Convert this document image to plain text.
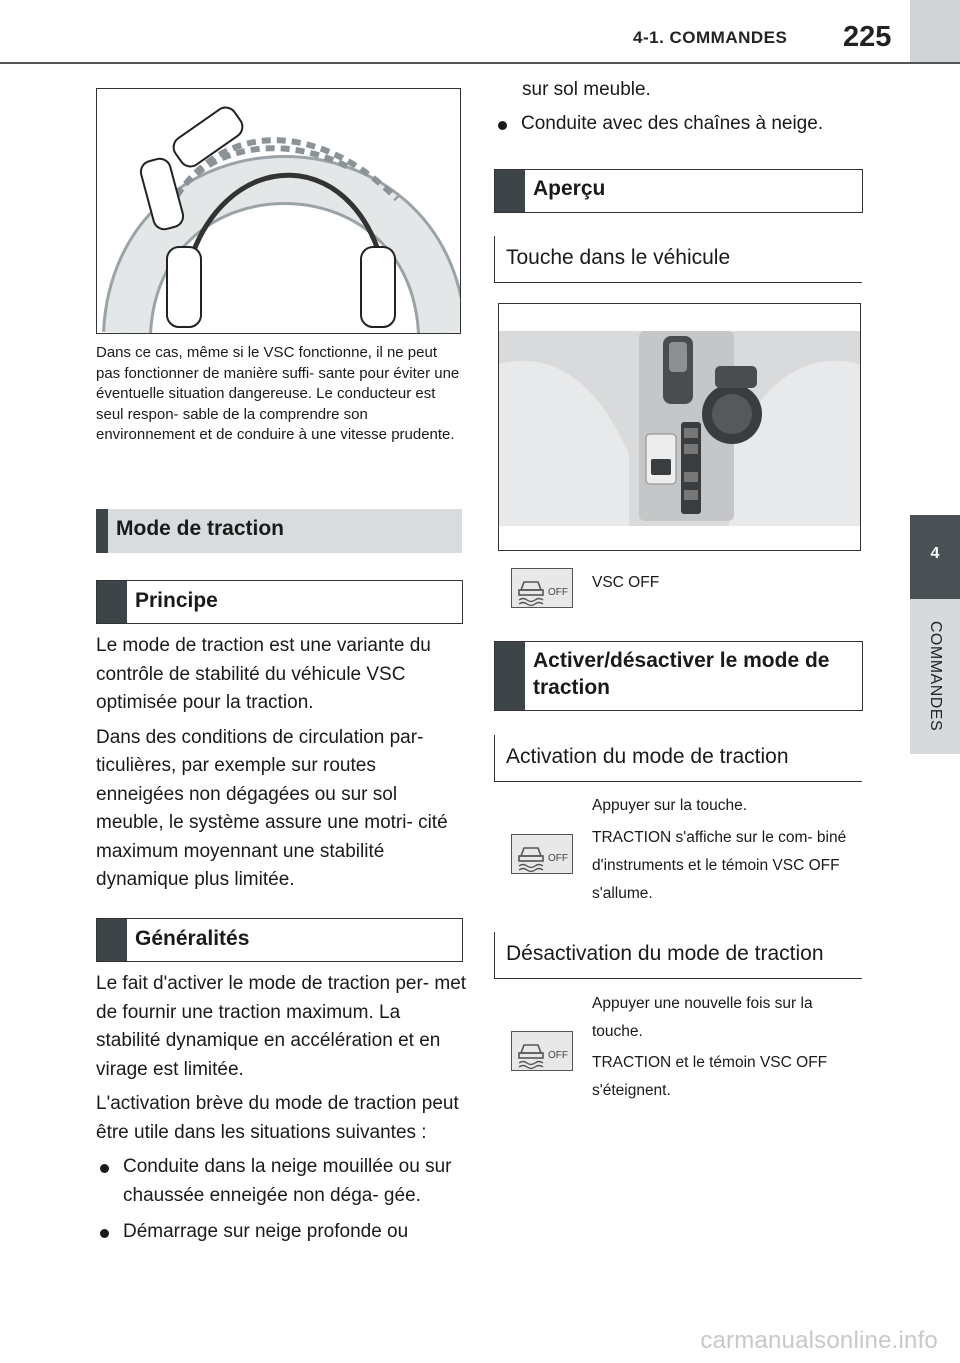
4-1. COMMANDES 225
4
COMMANDES
Dans ce cas, même si le VSC fonctionne, il ne peut pas fonctionner de manière suffi- sante pour éviter une éventuelle situation dangereuse. Le conducteur est seul respon- sable de la comprendre son environnement et de conduire à une vitesse prudente.
Mode de traction
Principe

Le mode de traction est une variante du contrôle de stabilité du véhicule VSC optimisée pour la traction.

Dans des conditions de circulation par- ticulières, par exemple sur routes enneigées non dégagées ou sur sol meuble, le système assure une motri- cité maximum moyennant une stabilité dynamique plus limitée.

Généralités

Le fait d'activer le mode de traction per- met de fournir une traction maximum. La stabilité dynamique en accélération et en virage est limitée.

L'activation brève du mode de traction peut être utile dans les situations suivantes :

Conduite dans la neige mouillée ou sur chaussée enneigée non déga- gée.
Démarrage sur neige profonde ou
sur sol meuble.
Conduite avec des chaînes à neige.
Aperçu
Touche dans le véhicule
OFF
VSC OFF
Activer/désactiver le mode de traction
Activation du mode de traction
Appuyer sur la touche.
OFF
TRACTION s'affiche sur le com- biné d'instruments et le témoin VSC OFF s'allume.
Désactivation du mode de traction
Appuyer une nouvelle fois sur la touche.
OFF TRACTION et le témoin VSC OFF s'éteignent.
carmanualsonline.info
